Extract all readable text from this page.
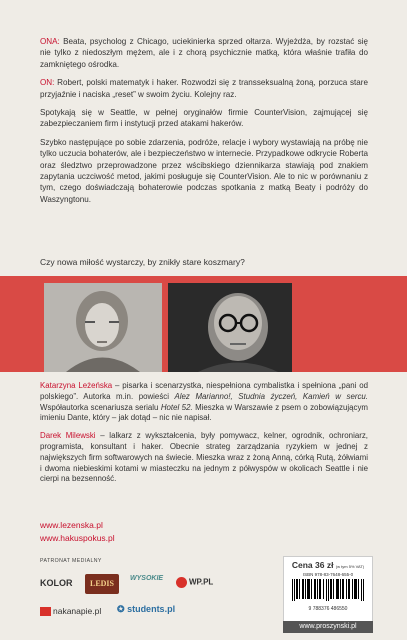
ONA: Beata, psycholog z Chicago, uciekinierka sprzed ołtarza. Wyjeżdża, by rozstać się nie tylko z niedoszłym mężem, ale i z chorą psychicznie matką, która właśnie trafiła do zamkniętego ośrodka.

ON: Robert, polski matematyk i haker. Rozwodzi się z transseksualną żoną, porzuca stare przyjaźnie i naciska „reset” w swoim życiu. Kolejny raz.

Spotykają się w Seattle, w pełnej oryginałów firmie CounterVision, zajmującej się zabezpieczaniem firm i instytucji przed atakami hakerów.

Szybko następujące po sobie zdarzenia, podróże, relacje i wybory wystawiają na próbę nie tylko uczucia bohaterów, ale i bezpieczeństwo w internecie. Przypadkowe odkrycie Roberta oraz śledztwo przeprowadzone przez wścibskiego dziennikarza stawiają pod znakiem zapytania uczciwość metod, jakimi posługuje się CounterVision. Ale to nic w porównaniu z tym, czego doświadczają bohaterowie podczas spotkania z matką Beaty i podróży do Waszyngtonu.

Czy nowa miłość wystarczy, by znikły stare koszmary?

Katarzyna Leżeńska – pisarka i scenarzystka, niespełniona cymbalistka i spełniona „pani od polskiego”. Autorka m.in. powieści Alez Marianno!, Studnia życzeń, Kamień w sercu. Współautorka scenariusza serialu Hotel 52. Mieszka w Warszawie z psem o zobowiązującym imieniu Dante, który – jak dotąd – nic nie napisał.

Darek Milewski – lalkarz z wykształcenia, były pomywacz, kelner, ogrodnik, ochroniarz, programista, konsultant i haker. Obecnie strateg zarządzania ryzykiem w jednej z największych firm softwarowych na świecie. Mieszka wraz z żoną Anną, córką Rutą, żółwiami i dwoma niebieskimi kotami w miasteczku na jednym z półwyspów w okolicach Seattle i nie cierpi na bezsenność.

www.lezenska.pl
www.hakuspokus.pl
PATRONAT MEDIALNY
KOLOR	LEDIS
WYSOKIE	WP.PL
nakanapie.pl ✪ students.pl
Cena 36 zł (w tym 5% VAT)
ISBN 978-83-7648-655-0
9 788376 486550
www.proszynski.pl
